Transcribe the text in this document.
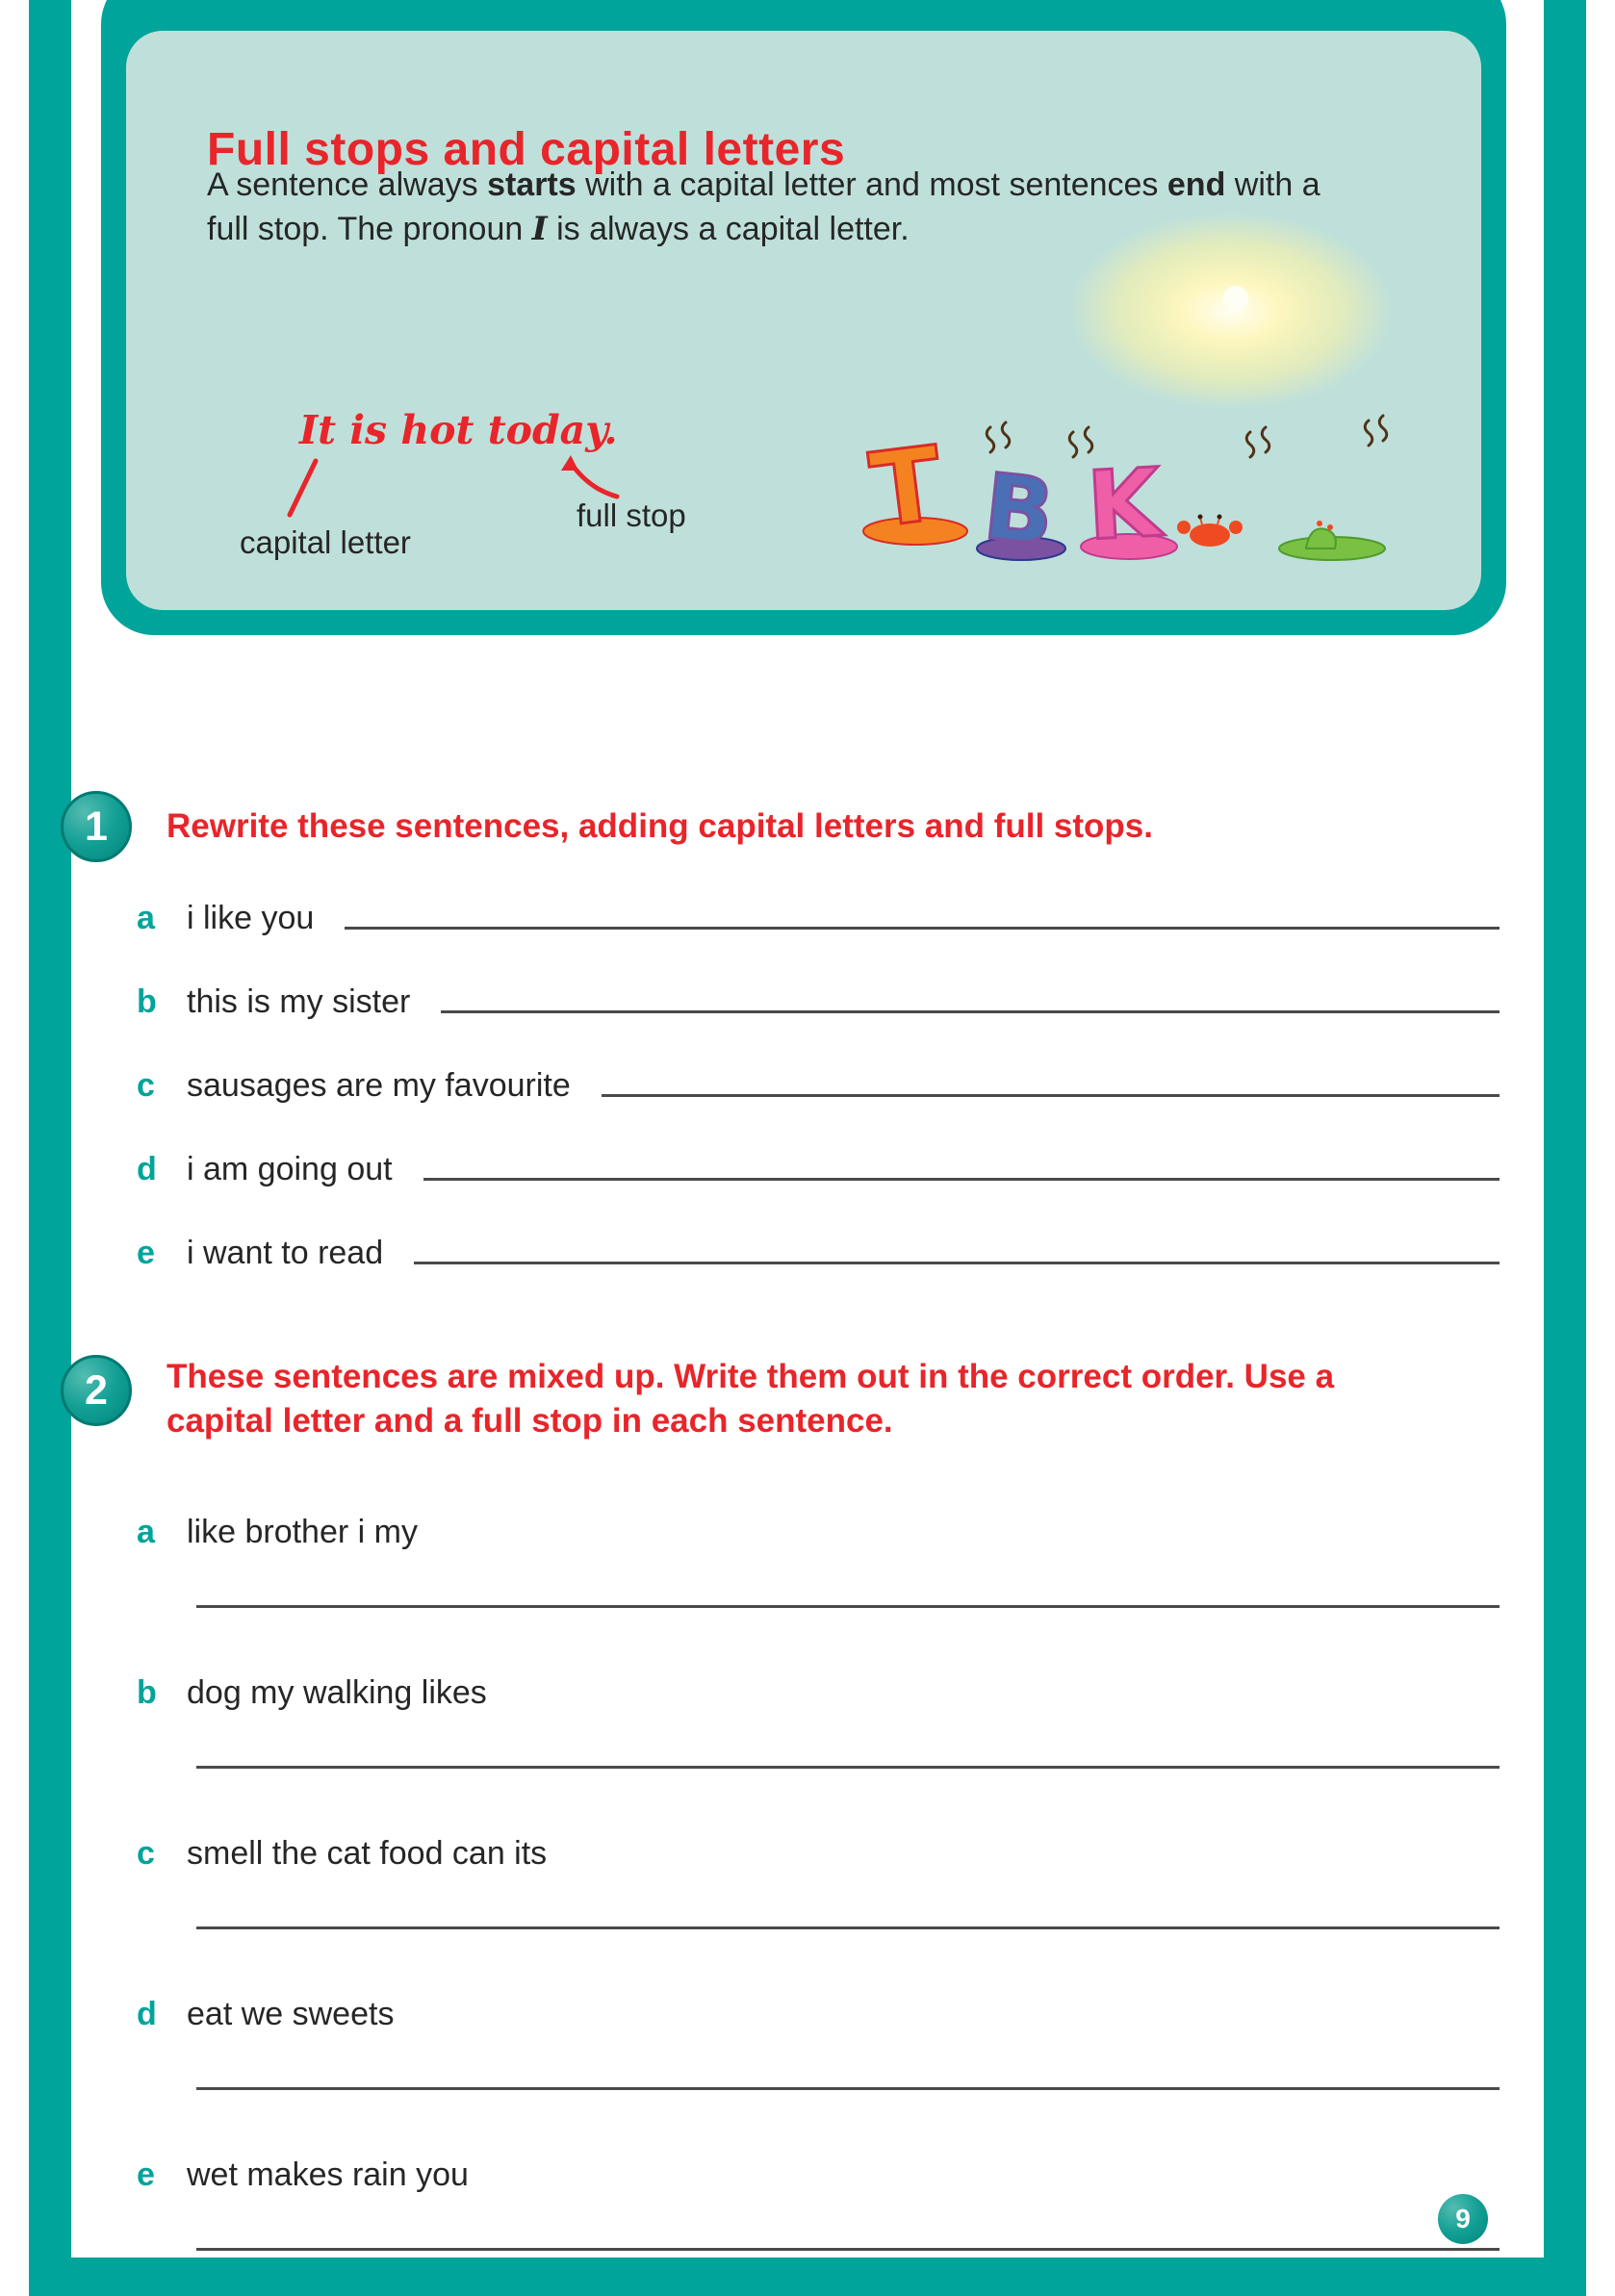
Full stops and capital letters

A sentence always starts with a capital letter and most sentences end with a full stop. The pronoun I is always a capital letter.

It is hot today.
capital letter
full stop T B K
1	Rewrite these sentences, adding capital letters and full stops.
a i like you
b this is my sister
c sausages are my favourite
d i am going out
e i want to read
2	These sentences are mixed up. Write them out in the correct order. Use a capital letter and a full stop in each sentence.
a like brother i my
b dog my walking likes
c smell the cat food can its
d eat we sweets
e wet makes rain you
9
